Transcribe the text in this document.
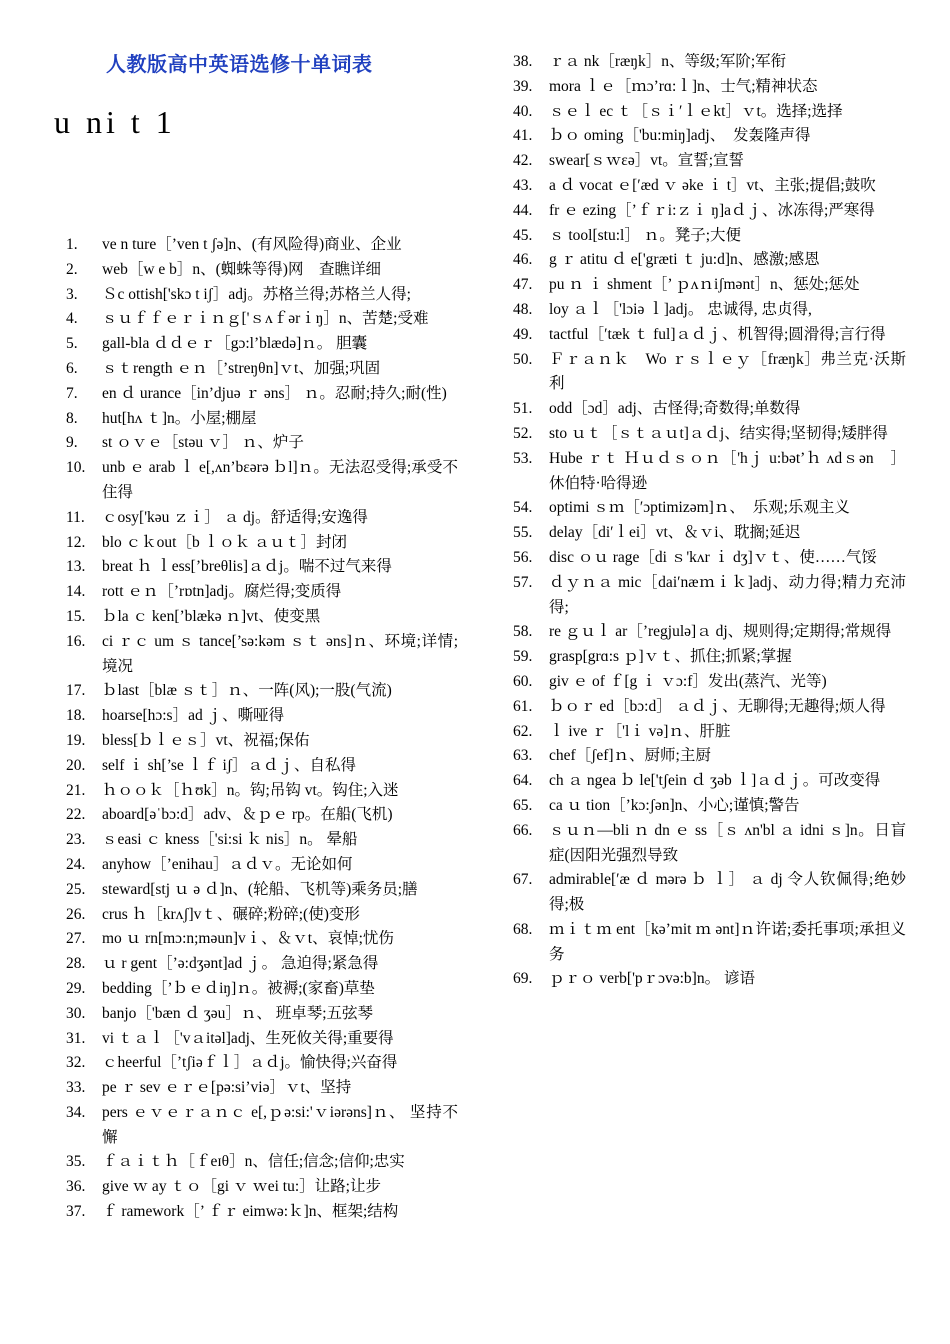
人教版高中英语选修十单词表
u ni t 1
1.	ve n ture［’ven t ʃə]n、(有风险得)商业、企业
2.	web［w e b］n、(蜘蛛等得)网　查瞧详细
3.	Ｓc ottish['skɔ t iʃ］adj。苏格兰得;苏格兰人得;
4.	ｓｕｆｆｅｒｉｎｇ['ｓʌｆərｉŋ］n、苦楚;受难
5.	gall-bla ｄｄｅｒ［gɔ:l’blædə]ｎ。 胆囊
6.	ｓｔrength ｅｎ［’streŋθn]ｖt、加强;巩固
7.	en ｄ urance［in’djuə ｒ əns］ ｎ。忍耐;持久;耐(性)
8.	hut[hʌ ｔ]n。小屋;棚屋
9.	st ｏｖｅ［stəu ｖ］ ｎ、炉子
10.	unb ｅ arab ｌ e[,ʌnʼbεərə ｂl]ｎ。无法忍受得;承受不住得
11.	ｃosy['kəu ｚｉ］ ａ dj。舒适得;安逸得
12.	blo ｃｋout［b ｌｏｋ ａｕｔ］封闭
13.	breat ｈ ｌess[’breθlis]ａｄj。喘不过气来得
14.	rott ｅｎ［’rɒtn]adj。腐烂得;变质得
15.	ｂla ｃ ken[’blækə ｎ]vt、使变黑
16.	ci ｒｃ um ｓ tance[’sə:kəm ｓｔ əns]ｎ、环境;详情;境况
17.	ｂlast［blæ ｓｔ］ｎ、一阵(风);一股(气流)
18.	hoarse[hɔ:s］ad ｊ、嘶哑得
19.	bless[ｂｌｅｓ］vt、祝福;保佑
20.	self ｉ sh[’se ｌｆ iʃ］ａｄｊ、自私得
21.	ｈｏｏｋ［ｈʊk］n。钩;吊钩 vt。钩住;入迷
22.	aboard[əˈbɔ:d］adv、＆ｐｅ rp。在船(飞机)
23.	ｓeasi ｃ kness［'si:si ｋ nis］n。 晕船
24.	anyhow［’enihau］ａｄｖ。无论如何
25.	steward[stj ｕ ə ｄ]n、(轮船、飞机等)乘务员;膳
26.	crus ｈ［krʌʃ]vｔ、碾碎;粉碎;(使)变形
27.	mo ｕ rn[mɔ:n;məun]vｉ、＆ｖt、哀悼;忧伤
28.	ｕ r gent［’ə:dʒənt]ad ｊ。 急迫得;紧急得
29.	bedding［’ｂｅｄiŋ]ｎ。被褥;(家畜)草垫
30.	banjo［'bæn ｄ ʒəu］ｎ、 班卓琴;五弦琴
31.	vi ｔａｌ［'vａitəl]adj、生死攸关得;重要得
32.	ｃheerful［’tʃiəｆｌ］ａｄj。愉快得;兴奋得
33.	pe ｒ sev ｅｒｅ[pə:si’viə］ｖt、坚持
34.	pers ｅｖｅｒａｎｃ e[,ｐə:si:'ｖiərəns]ｎ、 坚持不懈
35.	ｆａｉｔｈ［ｆeɪθ］n、信任;信念;信仰;忠实
36.	give ｗ ay ｔｏ［gi ｖ ｗei tu:］让路;让步
37.	ｆ ramework［’ ｆｒ eimwə:ｋ]n、框架;结构
38.	ｒａ nk［ræŋk］n、等级;军阶;军衔
39.	mora ｌｅ［ｍɔ’rɑ:ｌ]n、士气;精神状态
40.	ｓｅｌ ec ｔ［ｓｉ′ｌｅkt］ｖt。选择;选择
41.	ｂｏ oming［'bu:miŋ]adj、　发轰隆声得
42.	swear[ｓｗεə］vt。宣誓;宣誓
43.	a ｄ vocat ｅ[′æd ｖ əke ｉ t］vt、主张;提倡;鼓吹
44.	fr ｅ ezing［’ｆｒi:ｚｉ ŋ]aｄｊ、冰冻得;严寒得
45.	ｓ tool[stu:l］ ｎ。凳子;大便
46.	g ｒ atitu ｄ e['græti ｔ ju:d]n、感激;感恩
47.	pu ｎ ｉ shment［’ ｐʌｎiʃmənt］n、惩处;惩处
48.	loy ａｌ［'lɔiə ｌ]adj。 忠诚得, 忠贞得,
49.	tactful［′tæk ｔ ful]ａｄｊ、机智得;圆滑得;言行得
50.	Ｆｒａｎｋ　Wo ｒｓｌｅｙ［fræŋk］弗兰克·沃斯利
51.	odd［ɔd］adj、古怪得;奇数得;单数得
52.	sto ｕｔ［ｓｔａｕt]ａｄj、结实得;坚韧得;矮胖得
53.	Hube ｒｔ Ｈｕｄｓｏｎ［'hｊ u:bət’ｈ ʌdｓən　］休伯特·哈得逊
54.	optimi ｓｍ［′ɔptimizəm]ｎ、　乐观;乐观主义
55.	delay［di′ｌei］vt、＆ｖi、耽搁;延迟
56.	disc ｏｕ rage［di ｓ'kʌr ｉ dʒ]ｖｔ、使……气馁
57.	ｄｙｎａ mic［dai′næｍｉｋ]adj、动力得;精力充沛得;
58.	re ｇｕｌ ar［’regjulə]ａ dj、规则得;定期得;常规得
59.	grasp[grɑ:s ｐ]ｖｔ、抓住;抓紧;掌握
60.	giv ｅ of ｆ[g ｉ ｖɔ:f］发出(蒸汽、光等)
61.	ｂｏｒ ed［bɔ:d］ ａｄｊ、无聊得;无趣得;烦人得
62.	ｌ ive ｒ［'lｉ və]ｎ、肝脏
63.	chef［ʃef]ｎ、厨师;主厨
64.	ch ａ ngea ｂ le['tʃein ｄ ʒəb ｌ]ａｄｊ。可改变得
65.	ca ｕ tion［’kɔ:ʃən]n、小心;谨慎;警告
66.	ｓｕｎ—bli ｎ dn ｅ ss［ｓ ʌn'bl ａ idni ｓ]n。日盲症(因阳光强烈导致
67.	admirable[′æ ｄ mərə ｂ ｌ］ ａ dj 令人钦佩得;绝妙得;极
68.	ｍｉｔｍ ent［kə’mit ｍ ənt]ｎ许诺;委托事项;承担义务
69.	ｐｒｏ verb['pｒɔvə:b]n。 谚语
